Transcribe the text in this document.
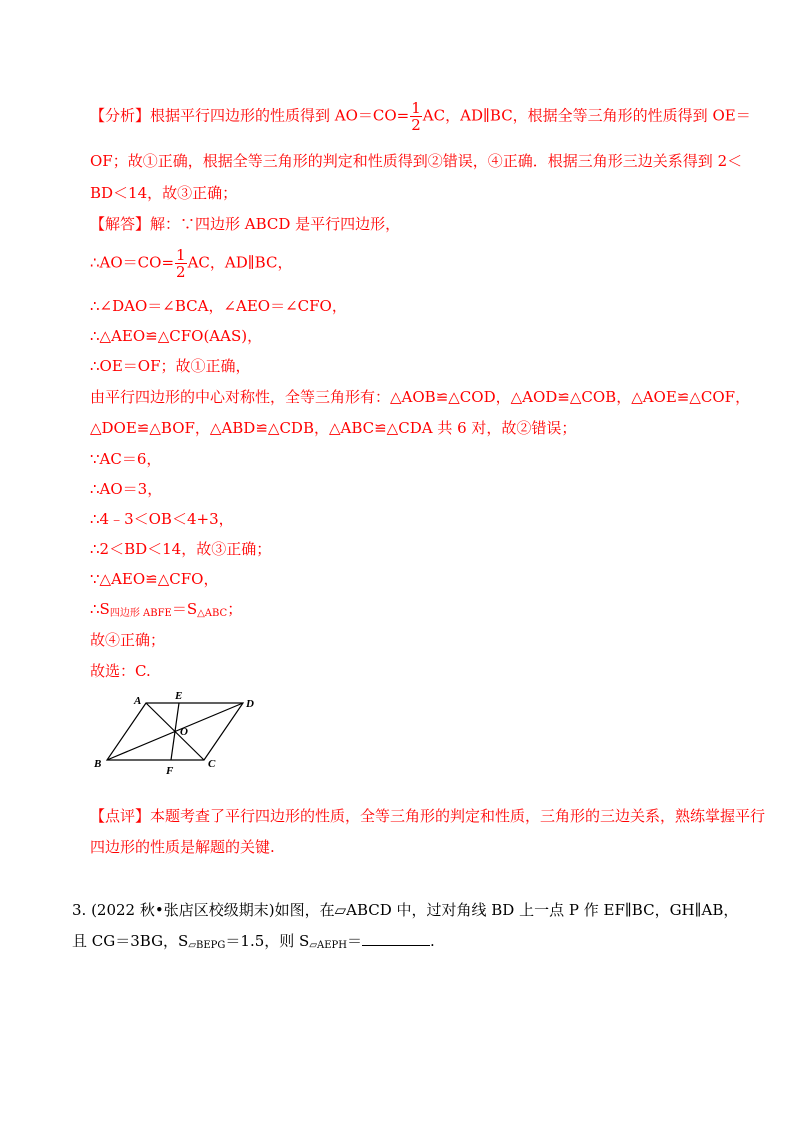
【分析】根据平行四边形的性质得到 $AO=CO= \frac{1}{2}$ AC，AD∥BC，根据全等三角形的性质得到 OE＝
OF；故①正确，根据全等三角形的判定和性质得到②错误，④正确．根据三角形三边关系得到 2＜
BD＜14，故③正确；
【解答】解：∵四边形 ABCD 是平行四边形，
∴AO＝CO= $\frac{1}{2}$ AC，AD∥BC，
∴∠DAO＝∠BCA，∠AEO＝∠CFO，
∴△AEO≌△CFO(AAS)，
∴OE＝OF；故①正确，
由平行四边形的中心对称性，全等三角形有：△AOB≌△COD，△AOD≌△COB，△AOE≌△COF，
△DOE≌△BOF，△ABD≌△CDB，△ABC≌△CDA 共 6 对，故②错误；
∵AC＝6，
∴AO＝3，
∴4﹣3＜OB＜4+3，
∴2＜BD＜14，故③正确；
∵△AEO≌△CFO，
$\therefore S_{四边形 ABFE}=S_{\triangle ABC}$；
故④正确；
故选：C.
A	E
D
O
B
F
C
【点评】本题考查了平行四边形的性质，全等三角形的判定和性质，三角形的三边关系，熟练掌握平行
四边形的性质是解题的关键.
3. (2022 秋•张店区校级期末)如图，在▱ABCD 中，过对角线 BD 上一点 P 作 EF∥BC，GH∥AB，
且 CG＝3BG，$S_{▱BEPG}=1.5$，则 $S_{▱AEPH}=$	.
